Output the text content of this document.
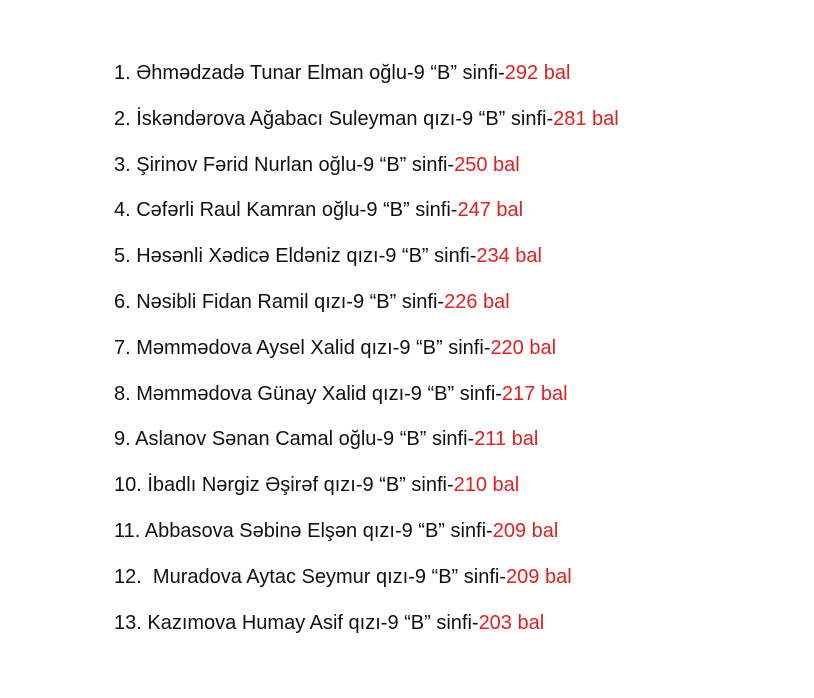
1. Əhmədzadə Tunar Elman oğlu-9 “B” sinfi-292 bal
2. İskəndərova Ağabacı Suleyman qızı-9 “B” sinfi-281 bal
3. Şirinov Fərid Nurlan oğlu-9 “B” sinfi-250 bal
4. Cəfərli Raul Kamran oğlu-9 “B” sinfi-247 bal
5. Həsənli Xədicə Eldəniz qızı-9 “B” sinfi-234 bal
6. Nəsibli Fidan Ramil qızı-9 “B” sinfi-226 bal
7. Məmmədova Aysel Xalid qızı-9 “B” sinfi-220 bal
8. Məmmədova Günay Xalid qızı-9 “B” sinfi-217 bal
9. Aslanov Sənan Camal oğlu-9 “B” sinfi-211 bal
10. İbadlı Nərgiz Əşirəf qızı-9 “B” sinfi-210 bal
11. Abbasova Səbinə Elşən qızı-9 “B” sinfi-209 bal
12.  Muradova Aytac Seymur qızı-9 “B” sinfi-209 bal
13. Kazımova Humay Asif qızı-9 “B” sinfi-203 bal
